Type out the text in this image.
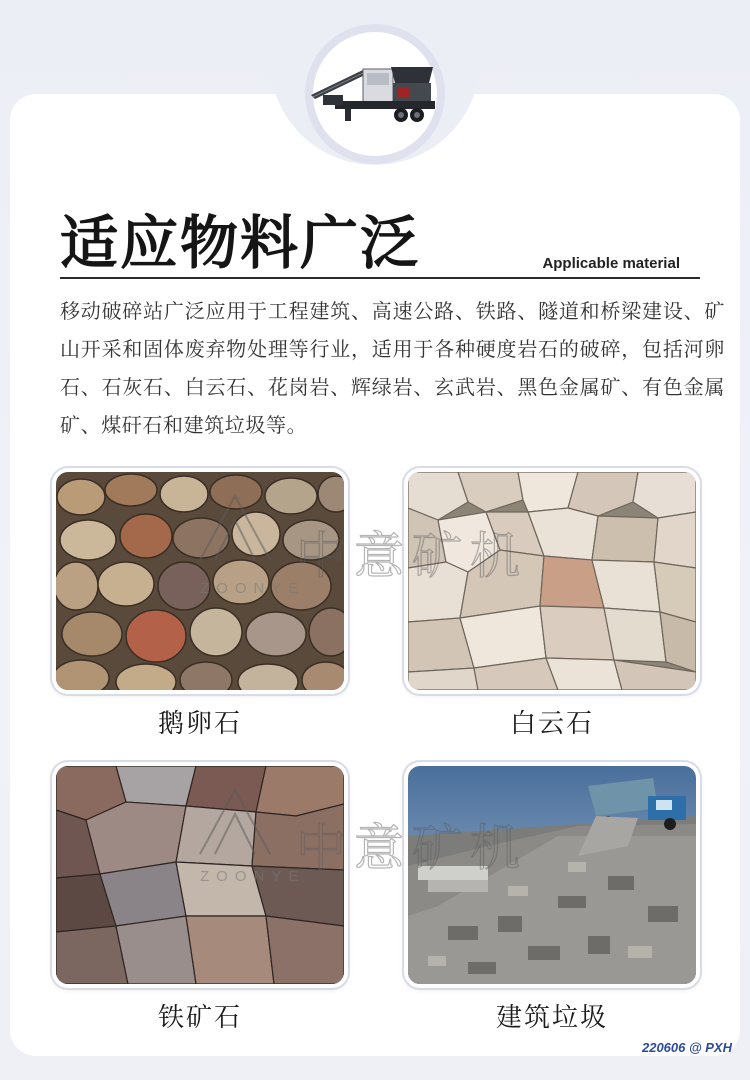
适应物料广泛	Applicable material
移动破碎站广泛应用于工程建筑、高速公路、铁路、隧道和桥梁建设、矿山开采和固体废弃物处理等行业，适用于各种硬度岩石的破碎，包括河卵石、石灰石、白云石、花岗岩、辉绿岩、玄武岩、黑色金属矿、有色金属矿、煤矸石和建筑垃圾等。
ZOONYE
ZOONYE
鹅卵石	白云石
铁矿石	建筑垃圾
220606 @ PXH
